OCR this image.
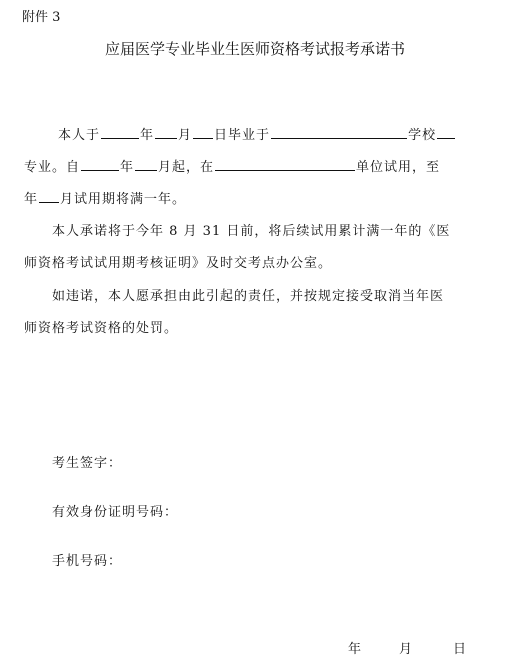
附件 3
应届医学专业毕业生医师资格考试报考承诺书
本人于	年 月 日毕业于	学校
专业。自	年 月起，在	单位试用，至
年 月试用期将满一年。
本人承诺将于今年 8 月 31 日前，将后续试用累计满一年的《医
师资格考试试用期考核证明》及时交考点办公室。
如违诺，本人愿承担由此引起的责任，并按规定接受取消当年医
师资格考试资格的处罚。
考生签字：
有效身份证明号码：
手机号码：
年	月	日
